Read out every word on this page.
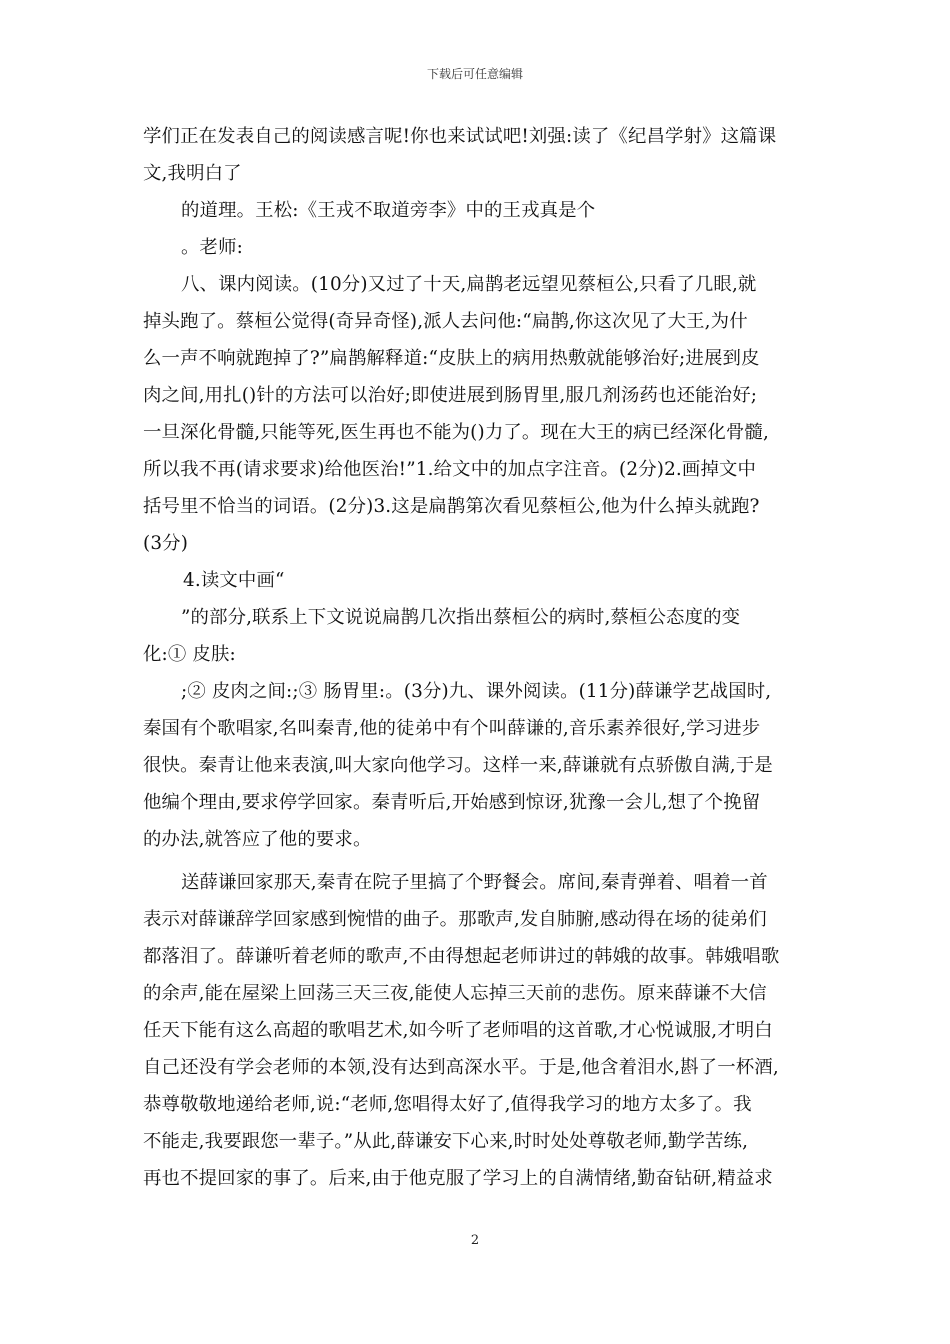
下载后可任意编辑
学们正在发表自己的阅读感言呢!你也来试试吧!刘强:读了《纪昌学射》这篇课
文,我明白了
的道理。王松:《王戎不取道旁李》中的王戎真是个
。老师:
八、课内阅读。(10分)又过了十天,扁鹊老远望见蔡桓公,只看了几眼,就
掉头跑了。蔡桓公觉得(奇异奇怪),派人去问他:“扁鹊,你这次见了大王,为什
么一声不响就跑掉了?”扁鹊解释道:“皮肤上的病用热敷就能够治好;进展到皮
肉之间,用扎()针的方法可以治好;即使进展到肠胃里,服几剂汤药也还能治好;
一旦深化骨髓,只能等死,医生再也不能为()力了。现在大王的病已经深化骨髓,
所以我不再(请求要求)给他医治!”1.给文中的加点字注音。(2分)2.画掉文中
括号里不恰当的词语。(2分)3.这是扁鹊第次看见蔡桓公,他为什么掉头就跑?
(3分)
4.读文中画“
”的部分,联系上下文说说扁鹊几次指出蔡桓公的病时,蔡桓公态度的变
化:① 皮肤:
;② 皮肉之间:;③ 肠胃里:。(3分)九、课外阅读。(11分)薛谦学艺战国时,
秦国有个歌唱家,名叫秦青,他的徒弟中有个叫薛谦的,音乐素养很好,学习进步
很快。秦青让他来表演,叫大家向他学习。这样一来,薛谦就有点骄傲自满,于是
他编个理由,要求停学回家。秦青听后,开始感到惊讶,犹豫一会儿,想了个挽留
的办法,就答应了他的要求。
送薛谦回家那天,秦青在院子里搞了个野餐会。席间,秦青弹着、唱着一首
表示对薛谦辞学回家感到惋惜的曲子。那歌声,发自肺腑,感动得在场的徒弟们
都落泪了。薛谦听着老师的歌声,不由得想起老师讲过的韩娥的故事。韩娥唱歌
的余声,能在屋梁上回荡三天三夜,能使人忘掉三天前的悲伤。原来薛谦不大信
任天下能有这么高超的歌唱艺术,如今听了老师唱的这首歌,才心悦诚服,才明白
自己还没有学会老师的本领,没有达到高深水平。于是,他含着泪水,斟了一杯酒,
恭尊敬敬地递给老师,说:“老师,您唱得太好了,值得我学习的地方太多了。我
不能走,我要跟您一辈子。”从此,薛谦安下心来,时时处处尊敬老师,勤学苦练,
再也不提回家的事了。后来,由于他克服了学习上的自满情绪,勤奋钻研,精益求
2
